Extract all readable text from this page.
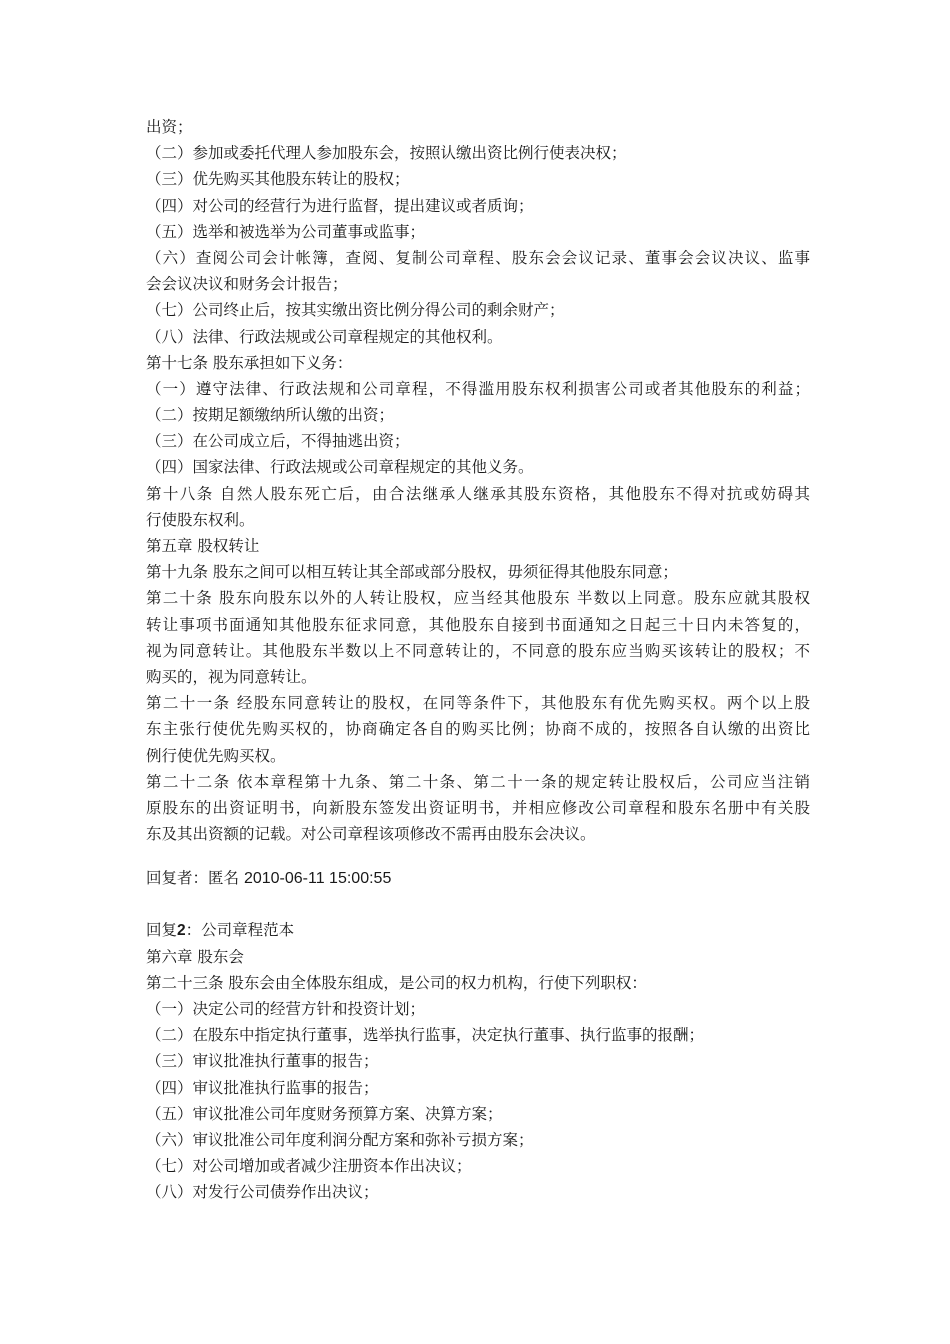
出资；
（二）参加或委托代理人参加股东会，按照认缴出资比例行使表决权；
（三）优先购买其他股东转让的股权；
（四）对公司的经营行为进行监督，提出建议或者质询；
（五）选举和被选举为公司董事或监事；
（六）查阅公司会计帐簿，查阅、复制公司章程、股东会会议记录、董事会会议决议、监事
会会议决议和财务会计报告；
（七）公司终止后，按其实缴出资比例分得公司的剩余财产；
（八）法律、行政法规或公司章程规定的其他权利。
第十七条 股东承担如下义务：
（一）遵守法律、行政法规和公司章程，不得滥用股东权利损害公司或者其他股东的利益；
（二）按期足额缴纳所认缴的出资；
（三）在公司成立后，不得抽逃出资；
（四）国家法律、行政法规或公司章程规定的其他义务。
第十八条 自然人股东死亡后，由合法继承人继承其股东资格，其他股东不得对抗或妨碍其
行使股东权利。
第五章 股权转让
第十九条 股东之间可以相互转让其全部或部分股权，毋须征得其他股东同意；
第二十条 股东向股东以外的人转让股权，应当经其他股东 半数以上同意。股东应就其股权
转让事项书面通知其他股东征求同意，其他股东自接到书面通知之日起三十日内未答复的，
视为同意转让。其他股东半数以上不同意转让的，不同意的股东应当购买该转让的股权；不
购买的，视为同意转让。
第二十一条 经股东同意转让的股权，在同等条件下，其他股东有优先购买权。两个以上股
东主张行使优先购买权的，协商确定各自的购买比例；协商不成的，按照各自认缴的出资比
例行使优先购买权。
第二十二条 依本章程第十九条、第二十条、第二十一条的规定转让股权后，公司应当注销
原股东的出资证明书，向新股东签发出资证明书，并相应修改公司章程和股东名册中有关股
东及其出资额的记载。对公司章程该项修改不需再由股东会决议。
回复者：匿名 2010-06-11 15:00:55
回复2：公司章程范本
第六章 股东会
第二十三条 股东会由全体股东组成，是公司的权力机构，行使下列职权：
（一）决定公司的经营方针和投资计划；
（二）在股东中指定执行董事，选举执行监事，决定执行董事、执行监事的报酬；
（三）审议批准执行董事的报告；
（四）审议批准执行监事的报告；
（五）审议批准公司年度财务预算方案、决算方案；
（六）审议批准公司年度利润分配方案和弥补亏损方案；
（七）对公司增加或者减少注册资本作出决议；
（八）对发行公司债券作出决议；
